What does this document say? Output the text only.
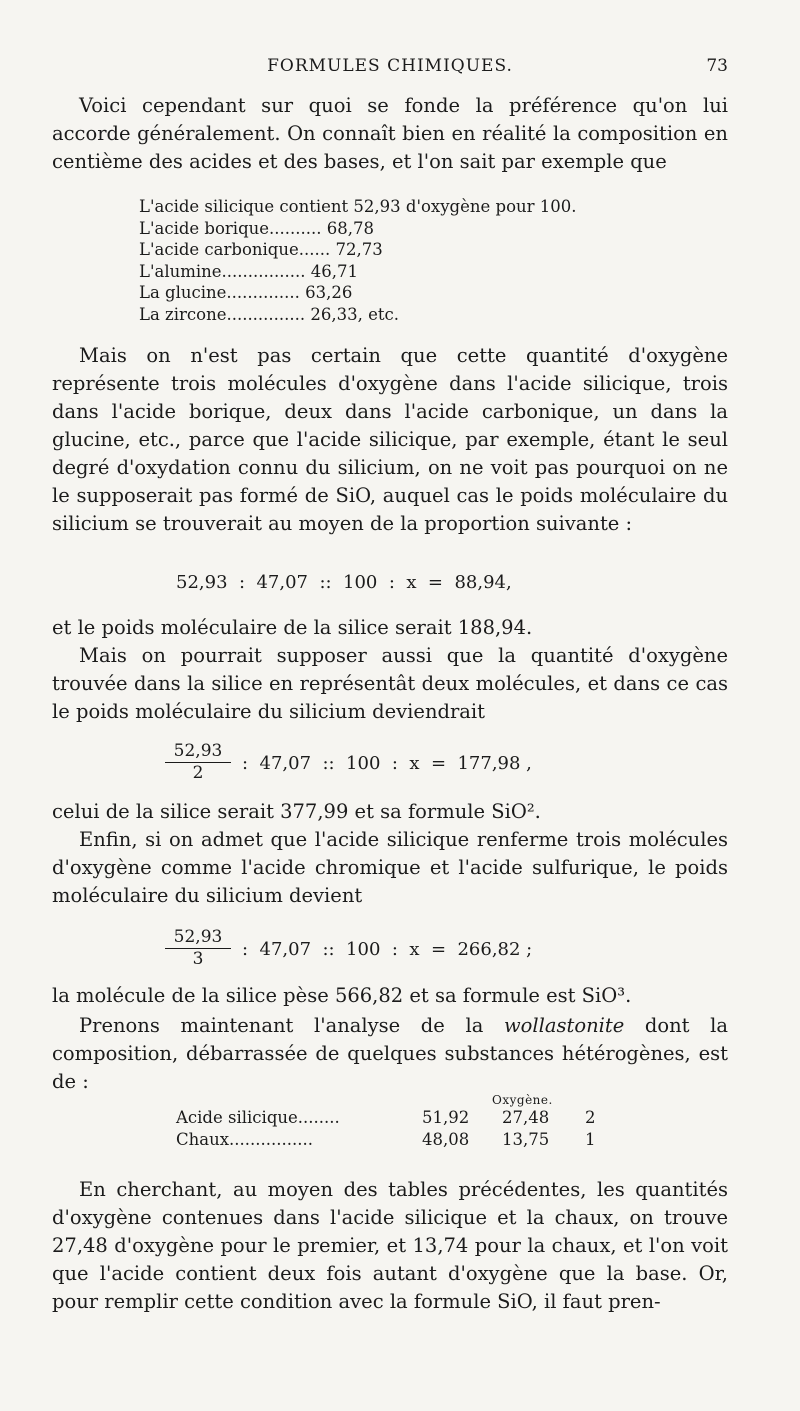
FORMULES CHIMIQUES.	73
Voici cependant sur quoi se fonde la préférence qu'on lui accorde généralement. On connaît bien en réalité la composition en centième des acides et des bases, et l'on sait par exemple que
L'acide silicique contient 52,93 d'oxygène pour 100.
L'acide borique.......... 68,78
L'acide carbonique...... 72,73
L'alumine................ 46,71
La glucine.............. 63,26
La zircone............... 26,33, etc.
Mais on n'est pas certain que cette quantité d'oxygène représente trois molécules d'oxygène dans l'acide silicique, trois dans l'acide borique, deux dans l'acide carbonique, un dans la glucine, etc., parce que l'acide silicique, par exemple, étant le seul degré d'oxydation connu du silicium, on ne voit pas pourquoi on ne le supposerait pas formé de SiO, auquel cas le poids moléculaire du silicium se trouverait au moyen de la proportion suivante :
52,93  :  47,07  ::  100  :  x  =  88,94,
et le poids moléculaire de la silice serait 188,94.
Mais on pourrait supposer aussi que la quantité d'oxygène trouvée dans la silice en représentât deux molécules, et dans ce cas le poids moléculaire du silicium deviendrait
$\frac{52,93}{2}$ :  47,07  ::  100  :  x  =  177,98 ,
celui de la silice serait 377,99 et sa formule SiO².
Enfin, si on admet que l'acide silicique renferme trois molécules d'oxygène comme l'acide chromique et l'acide sulfurique, le poids moléculaire du silicium devient
$\frac{52,93}{3}$ :  47,07  ::  100  :  x  =  266,82 ;
la molécule de la silice pèse 566,82 et sa formule est SiO³.
Prenons maintenant l'analyse de la wollastonite dont la composition, débarrassée de quelques substances hétérogènes, est de :
Oxygène.
Acide silicique........	51,92 27,48 2
Chaux................	48,08 13,75 1
En cherchant, au moyen des tables précédentes, les quantités d'oxygène contenues dans l'acide silicique et la chaux, on trouve 27,48 d'oxygène pour le premier, et 13,74 pour la chaux, et l'on voit que l'acide contient deux fois autant d'oxygène que la base. Or, pour remplir cette condition avec la formule SiO, il faut pren-
